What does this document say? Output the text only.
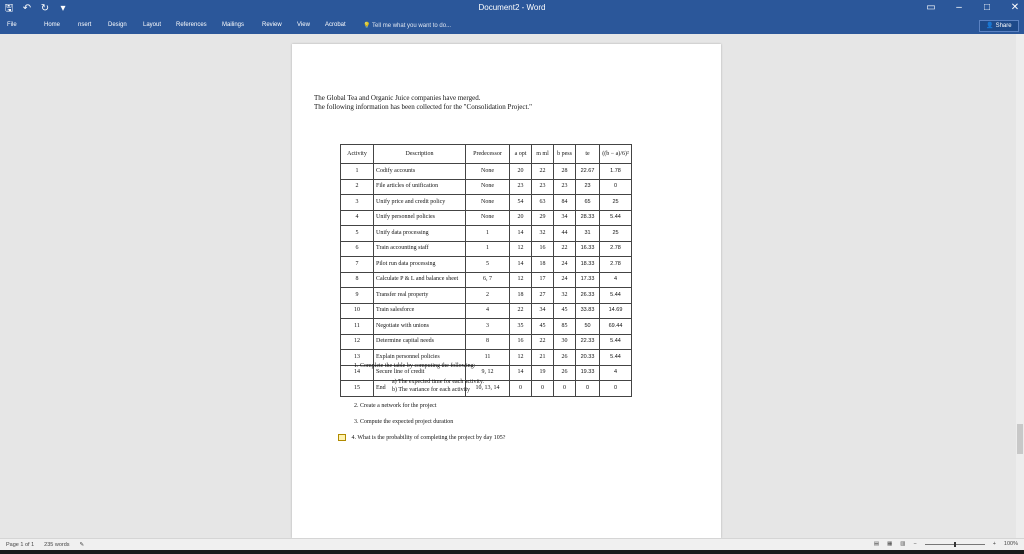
🖫 ↶ ↻ ▾	Document2 - Word	▭ – □ ✕
File	Home	nsert	Design	Layout References	Mailings	Review	View	Acrobat	💡 Tell me what you want to do...	👤 Share
The Global Tea and Organic Juice companies have merged.
The following information has been collected for the "Consolidation Project."
Activity	Description	Predecessor	a opt	m ml	b pess	te	((b − a)/6)²
1	Codify accounts	None	20	22	28	22.67	1.78
2	File articles of unification	None	23	23	23	23	0
3	Unify price and credit policy	None	54	63	84	65	25
4	Unify personnel policies	None	20	29	34	28.33	5.44
5	Unify data processing	1	14	32	44	31	25
6	Train accounting staff	1	12	16	22	16.33	2.78
7	Pilot run data processing	5	14	18	24	18.33	2.78
8	Calculate P & L and balance sheet	6, 7	12	17	24	17.33	4
9	Transfer real property	2	18	27	32	26.33	5.44
10	Train salesforce	4	22	34	45	33.83	14.69
11	Negotiate with unions	3	35	45	85	50	69.44
12	Determine capital needs	8	16	22	30	22.33	5.44
13	Explain personnel policies	11	12	21	26	20.33	5.44
14	Secure line of credit	9, 12	14	19	26	19.33	4
15	End	10, 13, 14	0	0	0	0	0
1. Complete the table by computing the following:
a) The expected time for each activity.
b) The variance for each activity
2. Create a network for the project
3. Compute the expected project duration
4. What is the probability of completing the project by day 105?
Page 1 of 1 235 words ✎	▤ ▦ ▥ −	+ 100%
